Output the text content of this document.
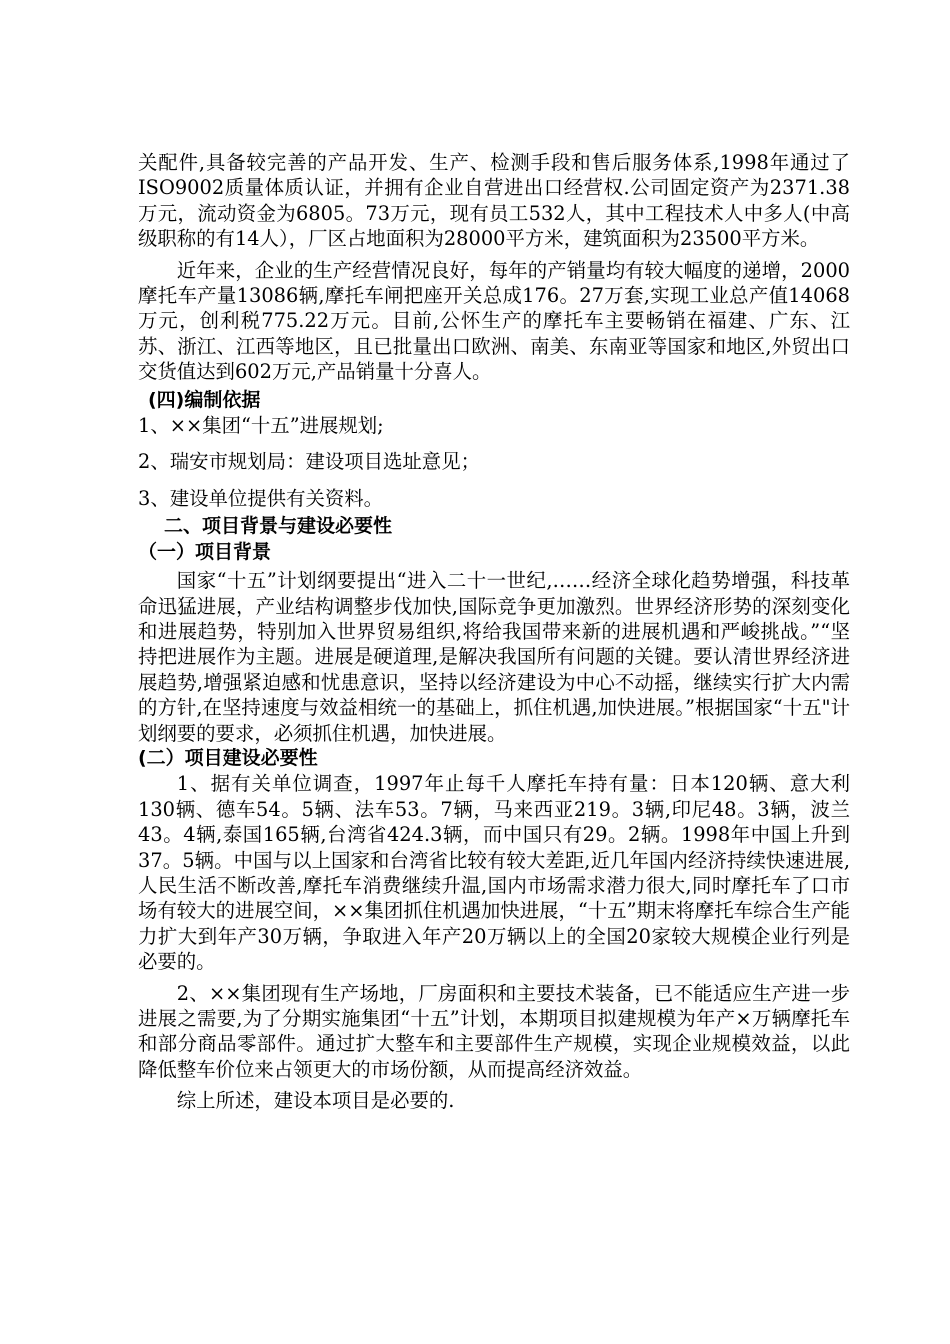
关配件,具备较完善的产品开发、生产、检测手段和售后服务体系,1998年通过了ISO9002质量体质认证，并拥有企业自营进出口经营权.公司固定资产为2371.38万元，流动资金为6805。73万元，现有员工532人，其中工程技术人中多人(中高级职称的有14人），厂区占地面积为28000平方米，建筑面积为23500平方米。

近年来，企业的生产经营情况良好，每年的产销量均有较大幅度的递增，2000摩托车产量13086辆,摩托车闸把座开关总成176。27万套,实现工业总产值14068万元，创利税775.22万元。目前,公怀生产的摩托车主要畅销在福建、广东、江苏、浙江、江西等地区，且已批量出口欧洲、南美、东南亚等国家和地区,外贸出口交货值达到602万元,产品销量十分喜人。

(四)编制依据

1、××集团“十五”进展规划;

2、瑞安市规划局：建设项目选址意见；

3、建设单位提供有关资料。

二、项目背景与建设必要性

（一）项目背景

国家“十五”计划纲要提出“进入二十一世纪,……经济全球化趋势增强，科技革命迅猛进展，产业结构调整步伐加快,国际竞争更加激烈。世界经济形势的深刻变化和进展趋势，特别加入世界贸易组织,将给我国带来新的进展机遇和严峻挑战。”“坚持把进展作为主题。进展是硬道理,是解决我国所有问题的关键。要认清世界经济进展趋势,增强紧迫感和忧患意识，坚持以经济建设为中心不动摇，继续实行扩大内需的方针,在坚持速度与效益相统一的基础上，抓住机遇,加快进展。”根据国家“十五"计划纲要的要求，必须抓住机遇，加快进展。

(二）项目建设必要性

1、据有关单位调查，1997年止每千人摩托车持有量：日本120辆、意大利130辆、德车54。5辆、法车53。7辆，马来西亚219。3辆,印尼48。3辆，波兰43。4辆,泰国165辆,台湾省424.3辆，而中国只有29。2辆。1998年中国上升到37。5辆。中国与以上国家和台湾省比较有较大差距,近几年国内经济持续快速进展,人民生活不断改善,摩托车消费继续升温,国内市场需求潜力很大,同时摩托车了口市场有较大的进展空间，××集团抓住机遇加快进展，“十五”期末将摩托车综合生产能力扩大到年产30万辆，争取进入年产20万辆以上的全国20家较大规模企业行列是必要的。

2、××集团现有生产场地，厂房面积和主要技术装备，已不能适应生产进一步进展之需要,为了分期实施集团“十五”计划，本期项目拟建规模为年产×万辆摩托车和部分商品零部件。通过扩大整车和主要部件生产规模，实现企业规模效益，以此降低整车价位来占领更大的市场份额，从而提高经济效益。

综上所述，建设本项目是必要的.
